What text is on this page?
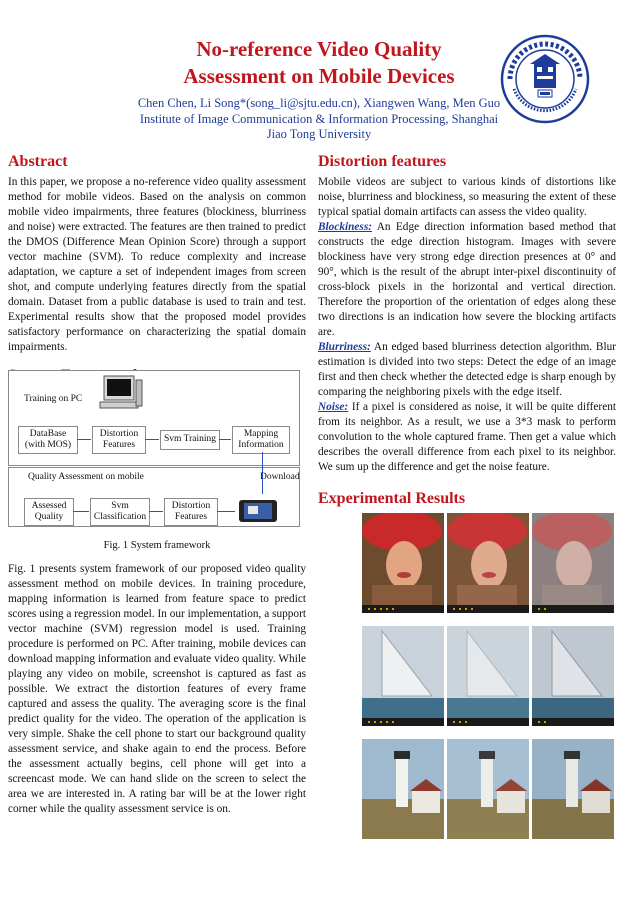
No-reference Video Quality
Assessment on Mobile Devices
Chen Chen, Li Song*(song_li@sjtu.edu.cn), Xiangwen Wang, Men Guo
Institute of Image Communication & Information Processing, Shanghai
Jiao Tong University
Abstract

In this paper, we propose a no-reference video quality assessment method for mobile videos. Based on the analysis on common mobile video impairments, three features (blockiness, blurriness and noise) were extracted. The features are then trained to predict the DMOS (Difference Mean Opinion Score) through a support vector machine (SVM). To reduce complexity and increase adaptation, we capture a set of independent images from screen shot, and compute underlying features directly from the spatial domain. Dataset from a public database is used to train and test. Experimental results show that the proposed model provides satisfactory performance on characterizing the spatial domain impairments.

Training on PC
DataBase
(with MOS)
Distortion
Features
Svm Training
Mapping
Information
Quality Assessment on mobile	Download
Assessed
Quality
Svm
Classification
Distortion
Features
Fig. 1 System framework

Fig. 1 presents system framework of our proposed video quality assessment method on mobile devices. In training procedure, mapping information is learned from feature space to predict scores using a regression model. In our implementation, a support vector machine (SVM) regression model is used. Training procedure is performed on PC. After training, mobile devices can download mapping information and evaluate video quality. While playing any video on mobile, screenshot is captured as fast as possible. We extract the distortion features of every frame captured and assess the quality. The averaging score is the final predict quality for the video. The operation of the application is very simple. Shake the cell phone to start our background quality assessment service, and shake again to end the process. Before the assessment actually begins, cell phone will get into a screencast mode. We can hand slide on the screen to select the area we are interested in. A rating bar will be at the lower right corner while the quality assessment service is on.

Distortion features

Mobile videos are subject to various kinds of distortions like noise, blurriness and blockiness, so measuring the extent of these typical spatial domain artifacts can assess the video quality.

Blockiness: An Edge direction information based method that constructs the edge direction histogram. Images with severe blockiness have very strong edge direction presences at 0° and 90°, which is the result of the abrupt inter-pixel discontinuity of cross-block pixels in the horizontal and vertical direction. Therefore the proportion of the orientation of edges along these two directions is an indication how severe the blocking artifacts are.

Blurriness: An edged based blurriness detection algorithm. Blur estimation is divided into two steps: Detect the edge of an image first and then check whether the detected edge is sharp enough by comparing the neighboring pixels with the edge itself.

Noise: If a pixel is considered as noise, it will be quite different from its neighbor. As a result, we use a 3*3 mask to perform convolution to the whole captured frame. Then get a value which describes the overall difference from each pixel to its neighbor. We sum up the difference and get the noise feature.

Experimental Results
